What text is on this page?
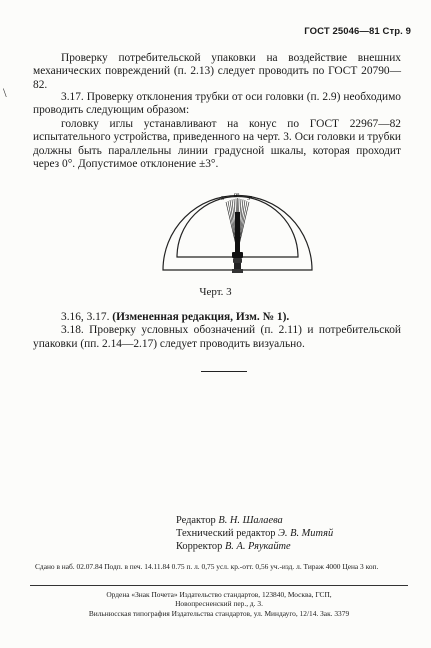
ГОСТ 25046—81 Стр. 9
\

Проверку потребительской упаковки на воздействие внешних механических повреждений (п. 2.13) следует проводить по ГОСТ 20790—82.

3.17. Проверку отклонения трубки от оси головки (п. 2.9) необходимо проводить следующим образом:

головку иглы устанавливают на конус по ГОСТ 22967—82 испытательного устройства, приведенного на черт. 3. Оси головки и трубки должны быть параллельны линии градусной шкалы, которая проходит через 0°. Допустимое отклонение ±3°.

3° 0° 3°
Черт. 3

3.16, 3.17. (Измененная редакция, Изм. № 1).

3.18. Проверку условных обозначений (п. 2.11) и потребительской упаковки (пп. 2.14—2.17) следует проводить визуально.

Редактор В. Н. Шалаева
Технический редактор Э. В. Митяй
Корректор В. А. Ряукайте
Сдано в наб. 02.07.84 Подп. в печ. 14.11.84 0.75 п. л. 0,75 усл. кр.-отт. 0,56 уч.-изд. л. Тираж 4000 Цена 3 коп.
Ордена «Знак Почета» Издательство стандартов, 123840, Москва, ГСП,
Новопресненский пер., д. 3.
Вильнюсская типография Издательства стандартов, ул. Миндауго, 12/14. Зак. 3379
